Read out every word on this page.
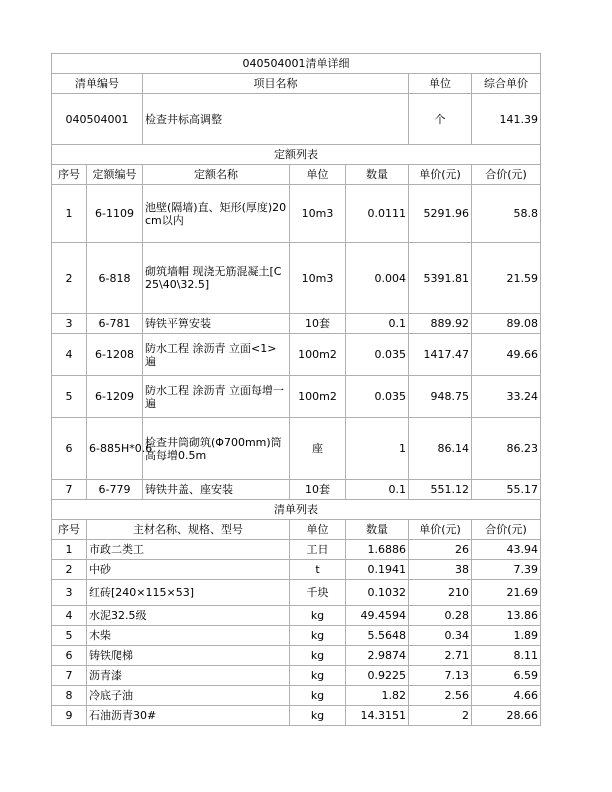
040504001清单详细						
清单编号		项目名称			单位	综合单价
040504001		检查井标高调整			个	141.39
定额列表						
序号	定额编号	定额名称	单位	数量	单价(元)	合价(元)
1	6-1109	池壁(隔墙)直、矩形(厚度)20cm以内	10m3	0.0111	5291.96	58.8
2	6-818	砌筑墙帽 现浇无筋混凝土[C25\40\32.5]	10m3	0.004	5391.81	21.59
3	6-781	铸铁平箅安装	10套	0.1	889.92	89.08
4	6-1208	防水工程 涂沥青 立面<1>遍	100m2	0.035	1417.47	49.66
5	6-1209	防水工程 涂沥青 立面每增一遍	100m2	0.035	948.75	33.24
6	6-885H*0.6	检查井筒砌筑(Φ700mm)筒高每增0.5m	座	1	86.14	86.23
7	6-779	铸铁井盖、座安装	10套	0.1	551.12	55.17
清单列表						
序号	主材名称、规格、型号		单位	数量	单价(元)	合价(元)
1	市政二类工		工日	1.6886	26	43.94
2	中砂		t	0.1941	38	7.39
3	红砖[240×115×53]		千块	0.1032	210	21.69
4	水泥32.5级		kg	49.4594	0.28	13.86
5	木柴		kg	5.5648	0.34	1.89
6	铸铁爬梯		kg	2.9874	2.71	8.11
7	沥青漆		kg	0.9225	7.13	6.59
8	冷底子油		kg	1.82	2.56	4.66
9	石油沥青30#		kg	14.3151	2	28.66
